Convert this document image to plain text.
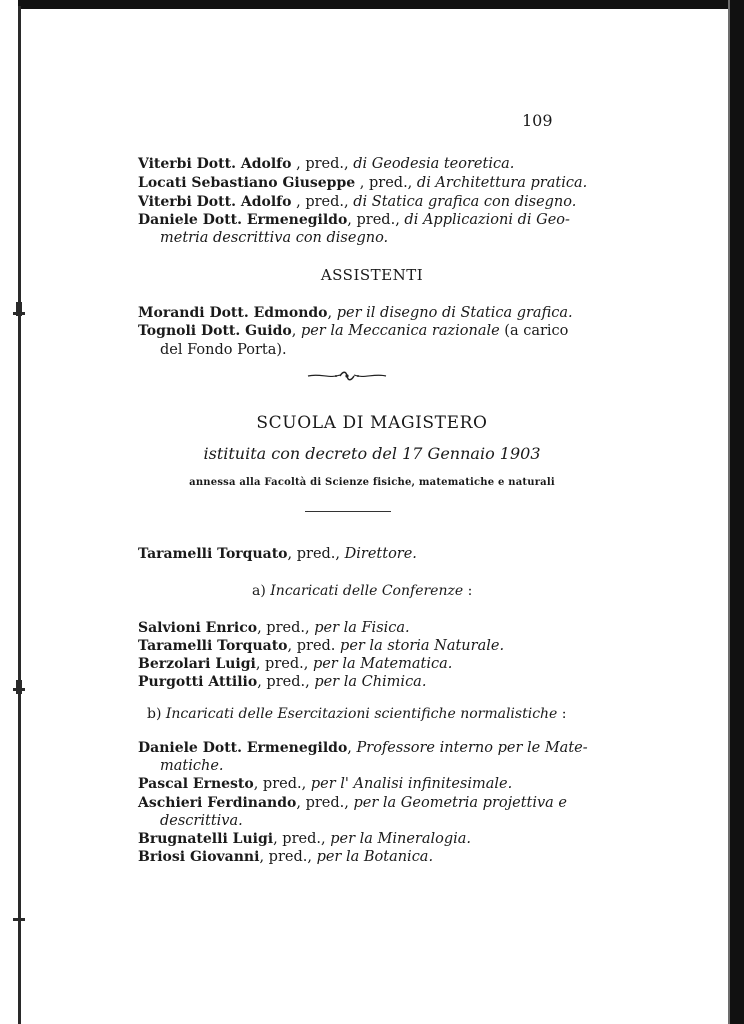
109
Viterbi Dott. Adolfo , pred., di Geodesia teoretica.
Locati Sebastiano Giuseppe , pred., di Architettura pratica.
Viterbi Dott. Adolfo , pred., di Statica grafica con disegno.
Daniele Dott. Ermenegildo, pred., di Applicazioni di Geo-
metria descrittiva con disegno.
ASSISTENTI
Morandi Dott. Edmondo, per il disegno di Statica grafica.
Tognoli Dott. Guido, per la Meccanica razionale (a carico
del Fondo Porta).
SCUOLA DI MAGISTERO
istituita con decreto del 17 Gennaio 1903
annessa alla Facoltà di Scienze fisiche, matematiche e naturali
Taramelli Torquato, pred., Direttore.
a) Incaricati delle Conferenze :
Salvioni Enrico, pred., per la Fisica.
Taramelli Torquato, pred. per la storia Naturale.
Berzolari Luigi, pred., per la Matematica.
Purgotti Attilio, pred., per la Chimica.
b) Incaricati delle Esercitazioni scientifiche normalistiche :
Daniele Dott. Ermenegildo, Professore interno per le Mate-
matiche.
Pascal Ernesto, pred., per l' Analisi infinitesimale.
Aschieri Ferdinando, pred., per la Geometria projettiva e
descrittiva.
Brugnatelli Luigi, pred., per la Mineralogia.
Briosi Giovanni, pred., per la Botanica.
